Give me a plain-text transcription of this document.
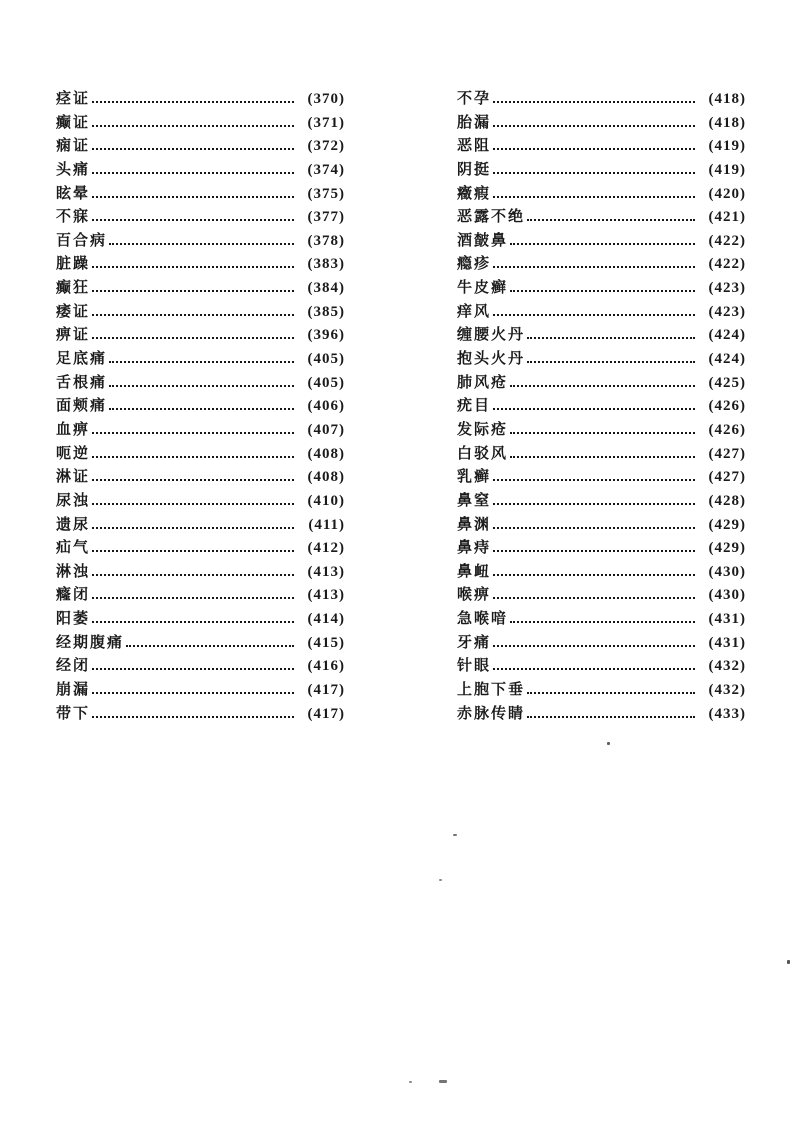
痉证	(370)
癫证	(371)
痫证	(372)
头痛	(374)
眩晕	(375)
不寐	(377)
百合病	(378)
脏躁	(383)
癫狂	(384)
痿证	(385)
痹证	(396)
足底痛	(405)
舌根痛	(405)
面颊痛	(406)
血痹	(407)
呃逆	(408)
淋证	(408)
尿浊	(410)
遗尿	(411)
疝气	(412)
淋浊	(413)
癃闭	(413)
阳萎	(414)
经期腹痛	(415)
经闭	(416)
崩漏	(417)
带下	(417)
不孕	(418)
胎漏	(418)
恶阻	(419)
阴挺	(419)
癥瘕	(420)
恶露不绝	(421)
酒皶鼻	(422)
瘾疹	(422)
牛皮癣	(423)
痒风	(423)
缠腰火丹	(424)
抱头火丹	(424)
肺风疮	(425)
疣目	(426)
发际疮	(426)
白驳风	(427)
乳癣	(427)
鼻窒	(428)
鼻渊	(429)
鼻痔	(429)
鼻衄	(430)
喉痹	(430)
急喉喑	(431)
牙痛	(431)
针眼	(432)
上胞下垂	(432)
赤脉传睛	(433)
